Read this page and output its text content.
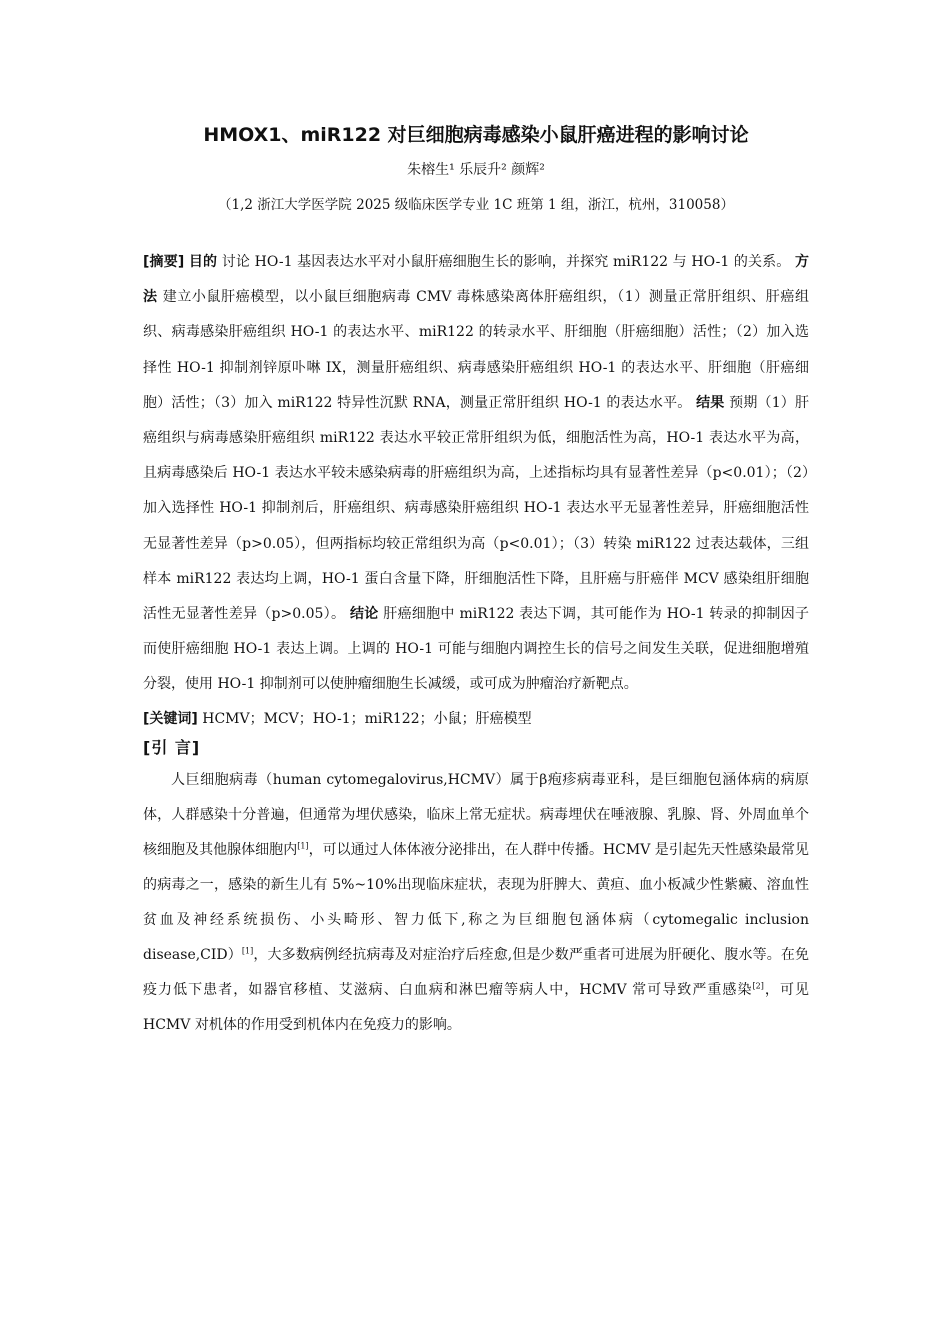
HMOX1、miR122 对巨细胞病毒感染小鼠肝癌进程的影响讨论
朱榕生¹ 乐辰升² 颜辉²
（1,2 浙江大学医学院 2025 级临床医学专业 1C 班第 1 组，浙江，杭州，310058）
[摘要] 目的 讨论 HO-1 基因表达水平对小鼠肝癌细胞生长的影响，并探究 miR122 与 HO-1 的关系。 方法 建立小鼠肝癌模型，以小鼠巨细胞病毒 CMV 毒株感染离体肝癌组织，（1）测量正常肝组织、肝癌组织、病毒感染肝癌组织 HO-1 的表达水平、miR122 的转录水平、肝细胞（肝癌细胞）活性；（2）加入选择性 HO-1 抑制剂锌原卟啉 IX，测量肝癌组织、病毒感染肝癌组织 HO-1 的表达水平、肝细胞（肝癌细胞）活性；（3）加入 miR122 特异性沉默 RNA，测量正常肝组织 HO-1 的表达水平。 结果 预期（1）肝癌组织与病毒感染肝癌组织 miR122 表达水平较正常肝组织为低，细胞活性为高，HO-1 表达水平为高，且病毒感染后 HO-1 表达水平较未感染病毒的肝癌组织为高，上述指标均具有显著性差异（p<0.01）；（2）加入选择性 HO-1 抑制剂后，肝癌组织、病毒感染肝癌组织 HO-1 表达水平无显著性差异，肝癌细胞活性无显著性差异（p>0.05），但两指标均较正常组织为高（p<0.01）；（3）转染 miR122 过表达载体，三组样本 miR122 表达均上调，HO-1 蛋白含量下降，肝细胞活性下降，且肝癌与肝癌伴 MCV 感染组肝细胞活性无显著性差异（p>0.05）。 结论 肝癌细胞中 miR122 表达下调，其可能作为 HO-1 转录的抑制因子而使肝癌细胞 HO-1 表达上调。上调的 HO-1 可能与细胞内调控生长的信号之间发生关联，促进细胞增殖分裂，使用 HO-1 抑制剂可以使肿瘤细胞生长减缓，或可成为肿瘤治疗新靶点。
[关键词] HCMV；MCV；HO-1；miR122；小鼠；肝癌模型
[引 言]

人巨细胞病毒（human cytomegalovirus,HCMV）属于β疱疹病毒亚科，是巨细胞包涵体病的病原体，人群感染十分普遍，但通常为埋伏感染，临床上常无症状。病毒埋伏在唾液腺、乳腺、肾、外周血单个核细胞及其他腺体细胞内[1]，可以通过人体体液分泌排出，在人群中传播。HCMV 是引起先天性感染最常见的病毒之一，感染的新生儿有 5%~10%出现临床症状，表现为肝脾大、黄疸、血小板减少性紫癜、溶血性贫血及神经系统损伤、小头畸形、智力低下,称之为巨细胞包涵体病（cytomegalic inclusion disease,CID）[1]，大多数病例经抗病毒及对症治疗后痊愈,但是少数严重者可进展为肝硬化、腹水等。在免疫力低下患者，如器官移植、艾滋病、白血病和淋巴瘤等病人中，HCMV 常可导致严重感染[2]，可见 HCMV 对机体的作用受到机体内在免疫力的影响。
